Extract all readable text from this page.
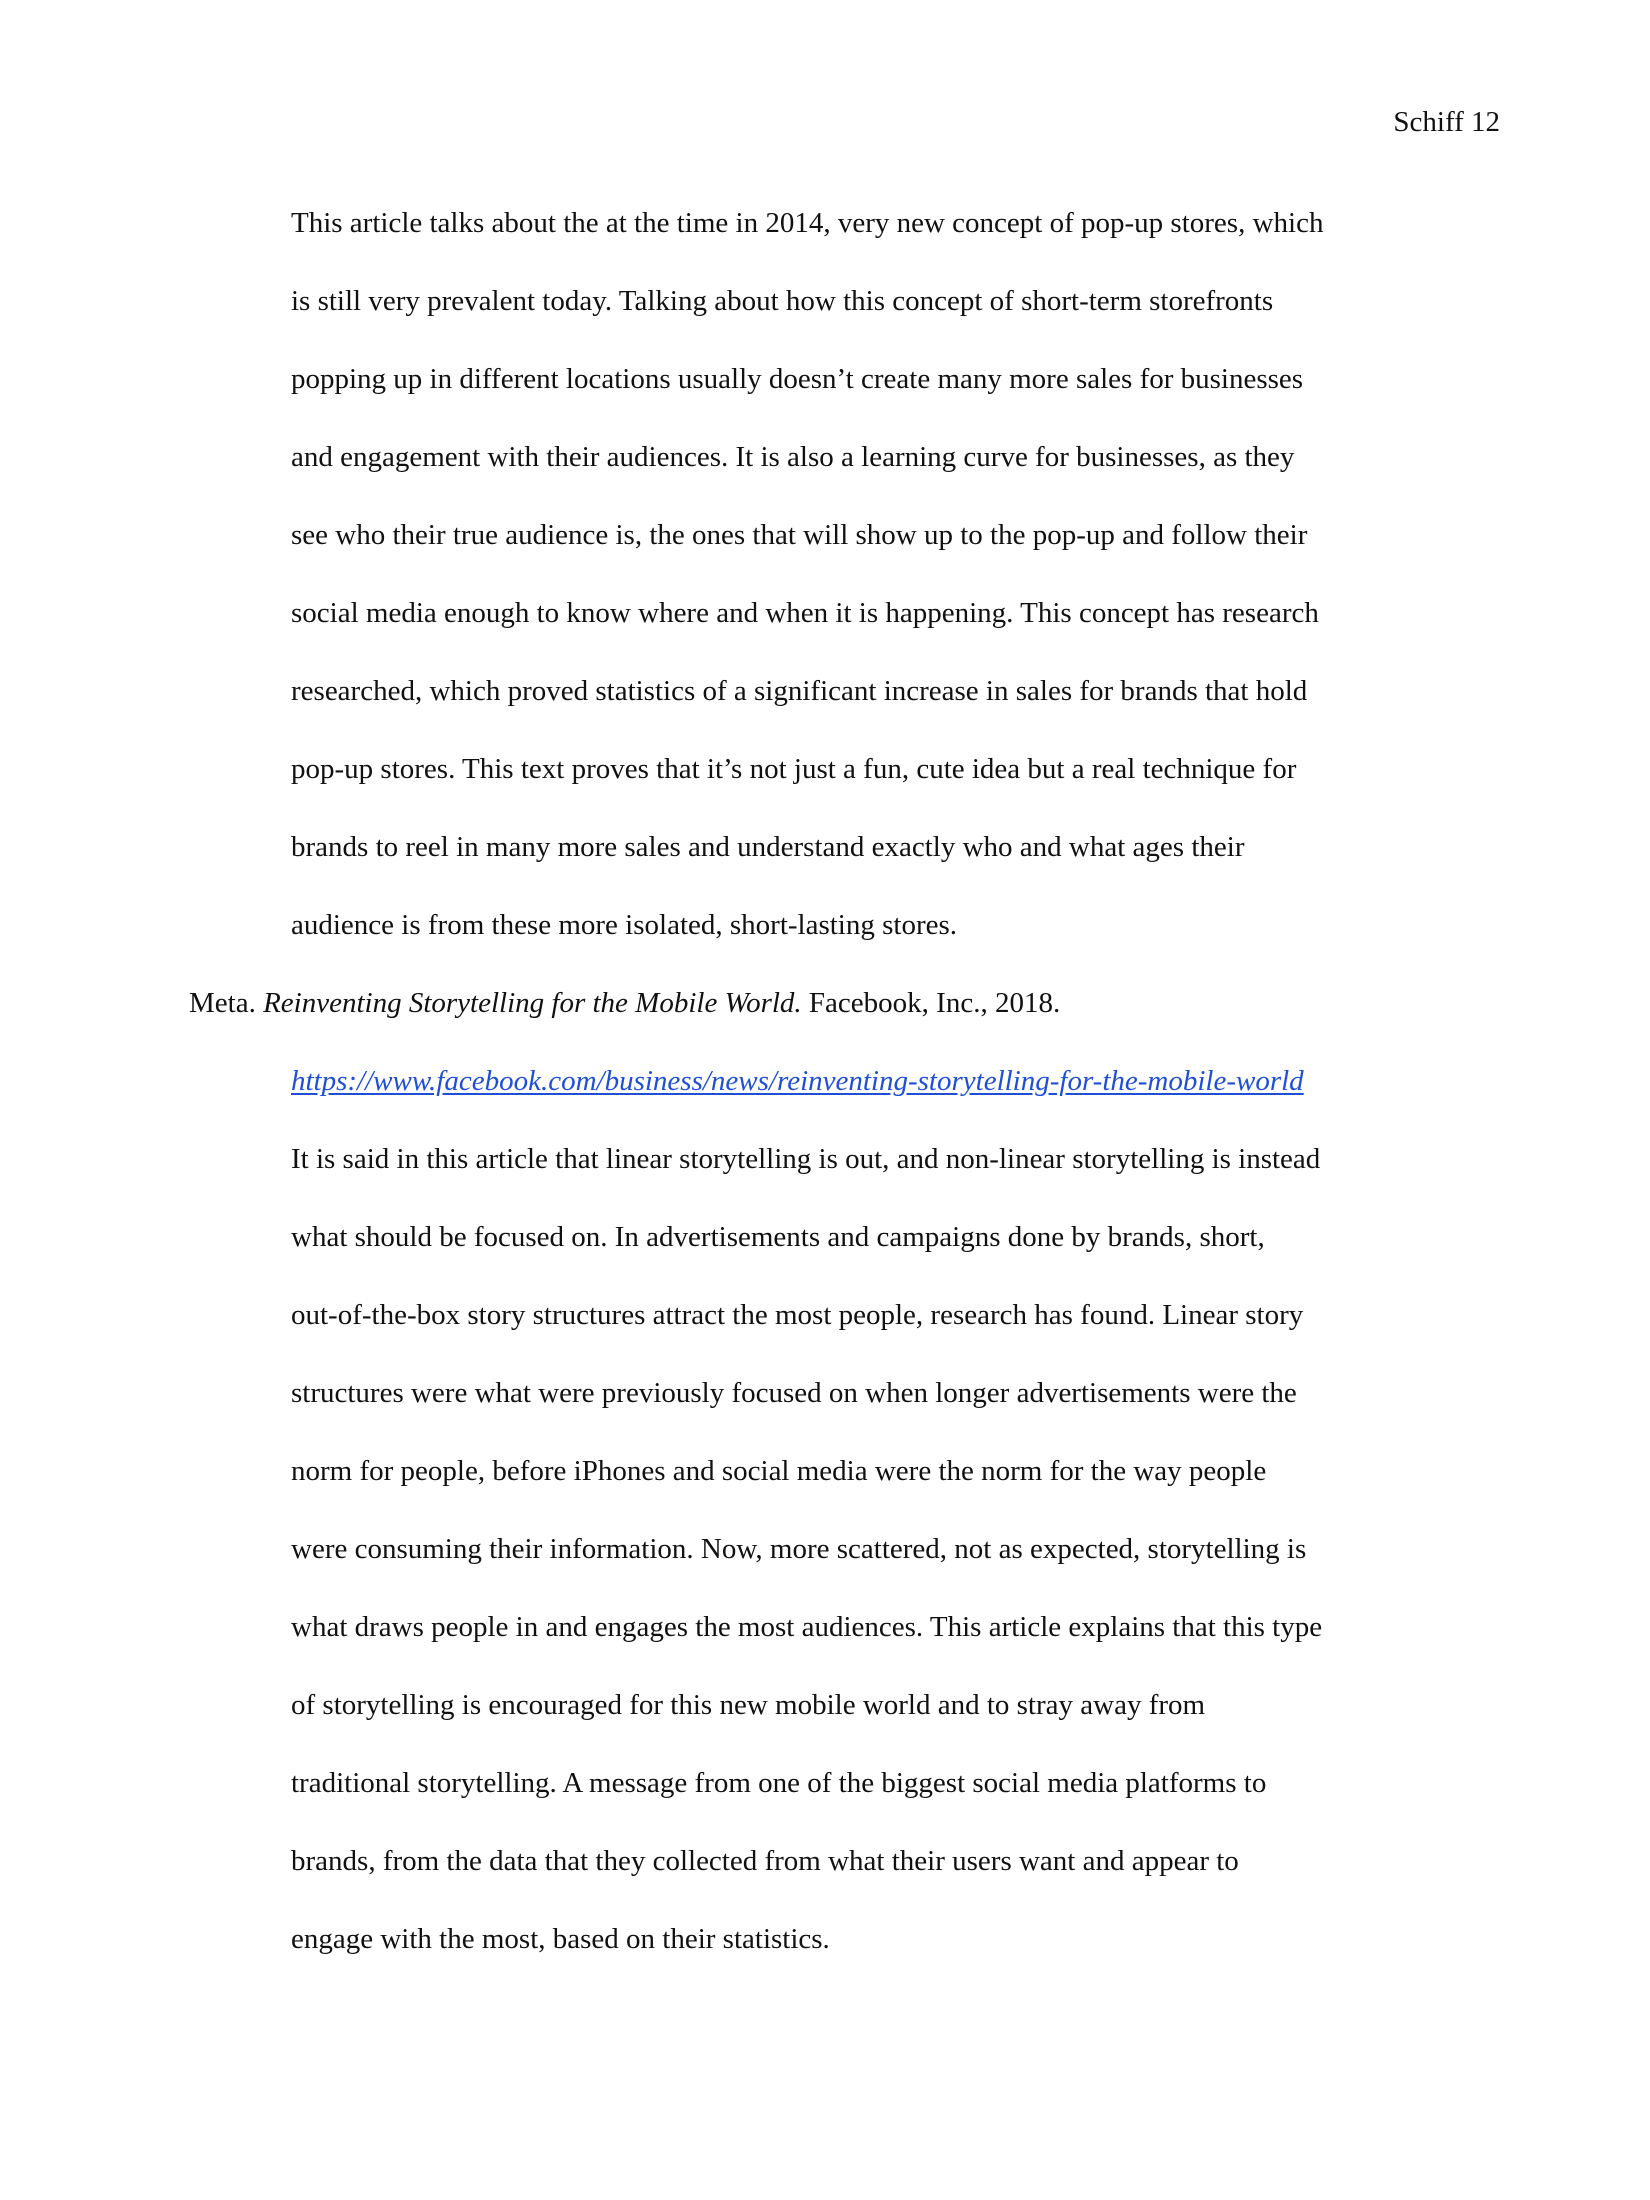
Schiff 12
This article talks about the at the time in 2014, very new concept of pop-up stores, which
is still very prevalent today. Talking about how this concept of short-term storefronts
popping up in different locations usually doesn’t create many more sales for businesses
and engagement with their audiences. It is also a learning curve for businesses, as they
see who their true audience is, the ones that will show up to the pop-up and follow their
social media enough to know where and when it is happening. This concept has research
researched, which proved statistics of a significant increase in sales for brands that hold
pop-up stores. This text proves that it’s not just a fun, cute idea but a real technique for
brands to reel in many more sales and understand exactly who and what ages their
audience is from these more isolated, short-lasting stores.
Meta. Reinventing Storytelling for the Mobile World. Facebook, Inc., 2018.
https://www.facebook.com/business/news/reinventing-storytelling-for-the-mobile-world
It is said in this article that linear storytelling is out, and non-linear storytelling is instead
what should be focused on. In advertisements and campaigns done by brands, short,
out-of-the-box story structures attract the most people, research has found. Linear story
structures were what were previously focused on when longer advertisements were the
norm for people, before iPhones and social media were the norm for the way people
were consuming their information. Now, more scattered, not as expected, storytelling is
what draws people in and engages the most audiences. This article explains that this type
of storytelling is encouraged for this new mobile world and to stray away from
traditional storytelling. A message from one of the biggest social media platforms to
brands, from the data that they collected from what their users want and appear to
engage with the most, based on their statistics.
